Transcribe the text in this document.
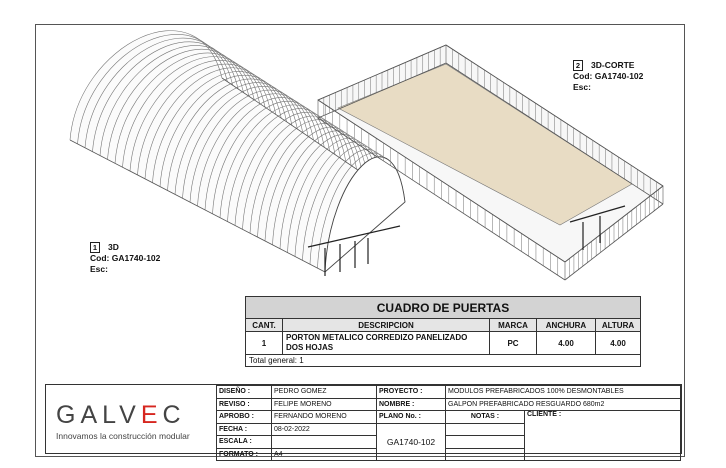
1 3D
Cod: GA1740-102
Esc:
2 3D-CORTE
Cod: GA1740-102
Esc:
CUADRO DE PUERTAS				
CANT.	DESCRIPCION	MARCA	ANCHURA	ALTURA
1	PORTON METALICO CORREDIZO PANELIZADO
DOS HOJAS	PC	4.00	4.00
Total general: 1				
GALVEC
Innovamos la construcción modular
DISEÑO :	PEDRO GOMEZ	PROYECTO :	MODULOS PREFABRICADOS 100% DESMONTABLES	
REVISO :	FELIPE MORENO	NOMBRE :	GALPON PREFABRICADO RESGUARDO 680m2	
APROBO :	FERNANDO MORENO	PLANO No. :	NOTAS :	CLIENTE :
FECHA :	08-02-2022	GA1740-102		
ESCALA :				
FORMATO :	A4			
